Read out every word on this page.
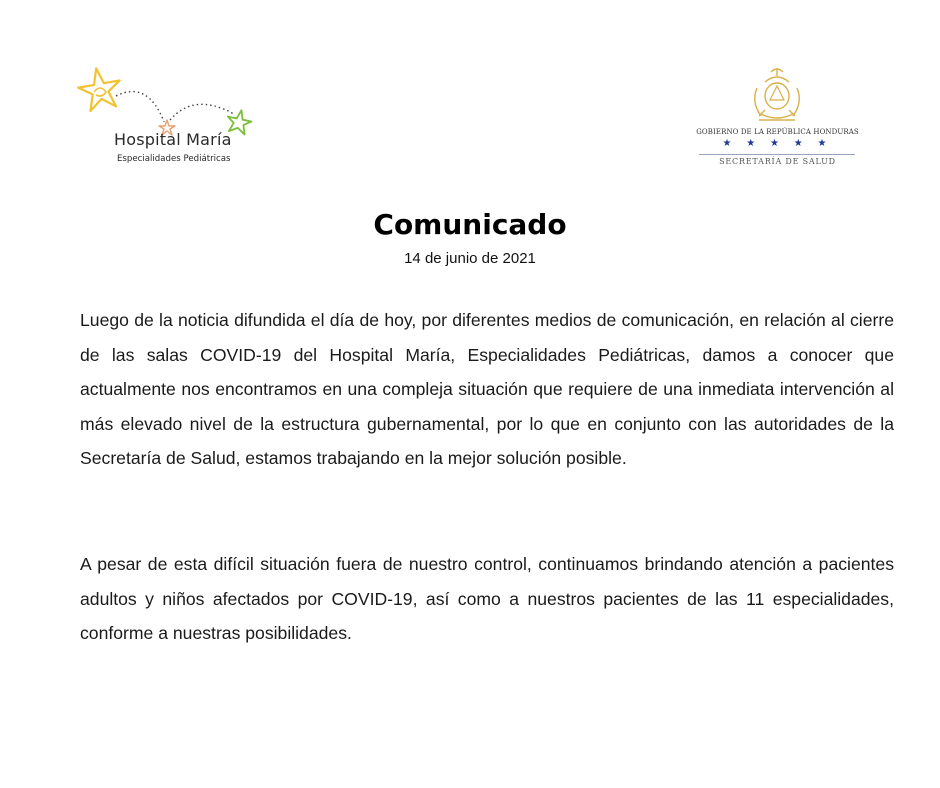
Hospital María
Especialidades Pediátricas
GOBIERNO DE LA REPÚBLICA HONDURAS
★ ★ ★ ★ ★
SECRETARÍA DE SALUD
Comunicado
14 de junio de 2021

Luego de la noticia difundida el día de hoy, por diferentes medios de comunicación, en relación al cierre de las salas COVID-19 del Hospital María, Especialidades Pediátricas, damos a conocer que actualmente nos encontramos en una compleja situación que requiere de una inmediata intervención al más elevado nivel de la estructura gubernamental, por lo que en conjunto con las autoridades de la Secretaría de Salud, estamos trabajando en la mejor solución posible.

A pesar de esta difícil situación fuera de nuestro control, continuamos brindando atención a pacientes adultos y niños afectados por COVID-19, así como a nuestros pacientes de las 11 especialidades, conforme a nuestras posibilidades.
